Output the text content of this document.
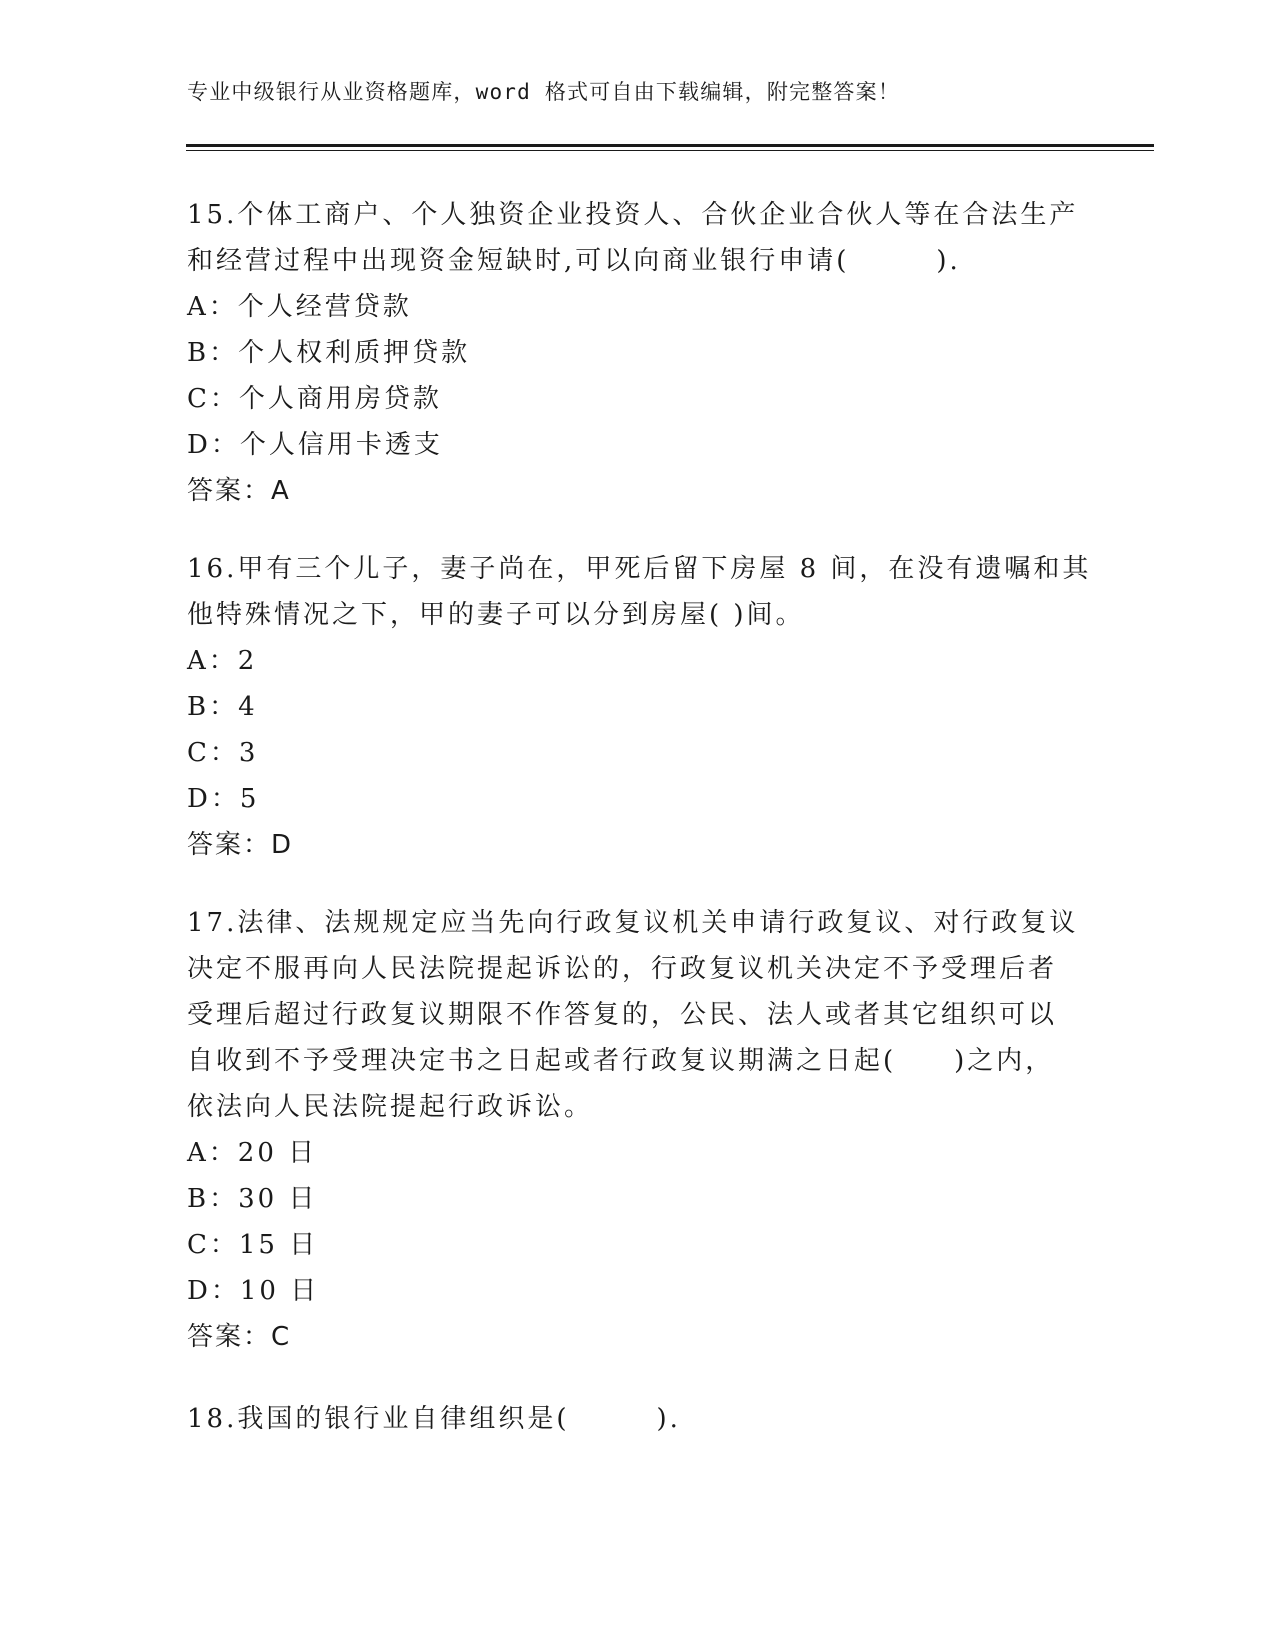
专业中级银行从业资格题库，word 格式可自由下载编辑，附完整答案！
15.个体工商户、个人独资企业投资人、合伙企业合伙人等在合法生产
和经营过程中出现资金短缺时,可以向商业银行申请(　　　).
A：个人经营贷款
B：个人权利质押贷款
C：个人商用房贷款
D：个人信用卡透支
答案：A
16.甲有三个儿子，妻子尚在，甲死后留下房屋 8 间，在没有遗嘱和其
他特殊情况之下，甲的妻子可以分到房屋( )间。
A：2
B：4
C：3
D：5
答案：D
17.法律、法规规定应当先向行政复议机关申请行政复议、对行政复议
决定不服再向人民法院提起诉讼的，行政复议机关决定不予受理后者
受理后超过行政复议期限不作答复的，公民、法人或者其它组织可以
自收到不予受理决定书之日起或者行政复议期满之日起(　　)之内，
依法向人民法院提起行政诉讼。
A：20 日
B：30 日
C：15 日
D：10 日
答案：C
18.我国的银行业自律组织是(　　　).
